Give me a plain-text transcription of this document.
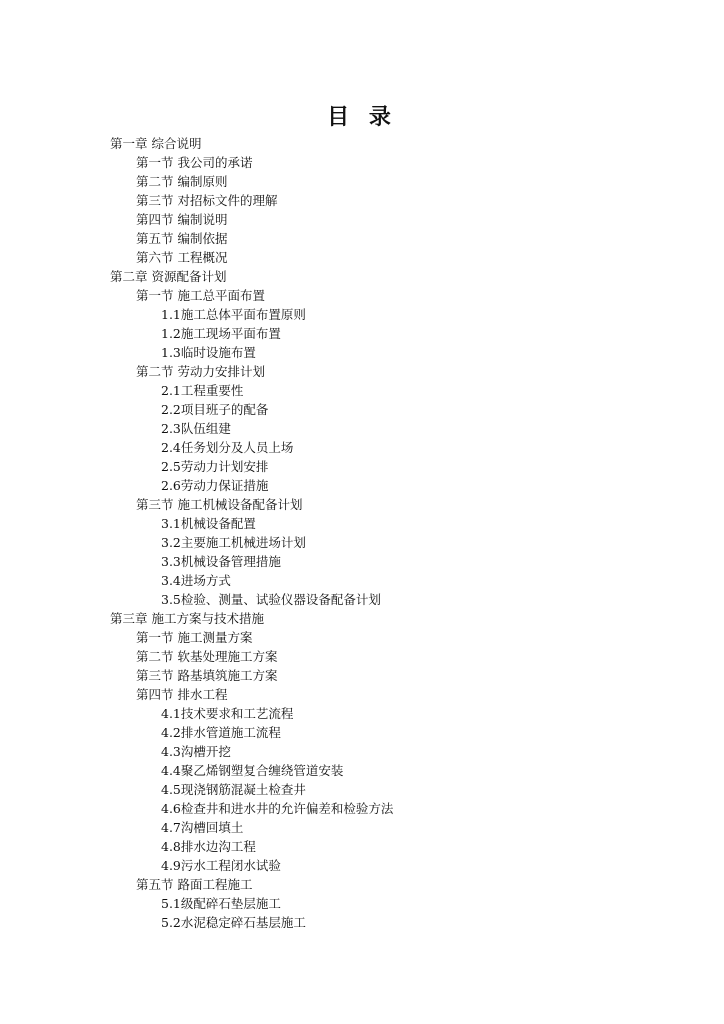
目 录
第一章 综合说明
第一节 我公司的承诺
第二节 编制原则
第三节 对招标文件的理解
第四节 编制说明
第五节 编制依据
第六节 工程概况
第二章 资源配备计划
第一节 施工总平面布置
1.1施工总体平面布置原则
1.2施工现场平面布置
1.3临时设施布置
第二节 劳动力安排计划
2.1工程重要性
2.2项目班子的配备
2.3队伍组建
2.4任务划分及人员上场
2.5劳动力计划安排
2.6劳动力保证措施
第三节 施工机械设备配备计划
3.1机械设备配置
3.2主要施工机械进场计划
3.3机械设备管理措施
3.4进场方式
3.5检验、测量、试验仪器设备配备计划
第三章 施工方案与技术措施
第一节 施工测量方案
第二节 软基处理施工方案
第三节 路基填筑施工方案
第四节 排水工程
4.1技术要求和工艺流程
4.2排水管道施工流程
4.3沟槽开挖
4.4聚乙烯钢塑复合缠绕管道安装
4.5现浇钢筋混凝土检查井
4.6检查井和进水井的允许偏差和检验方法
4.7沟槽回填土
4.8排水边沟工程
4.9污水工程闭水试验
第五节 路面工程施工
5.1级配碎石垫层施工
5.2水泥稳定碎石基层施工
